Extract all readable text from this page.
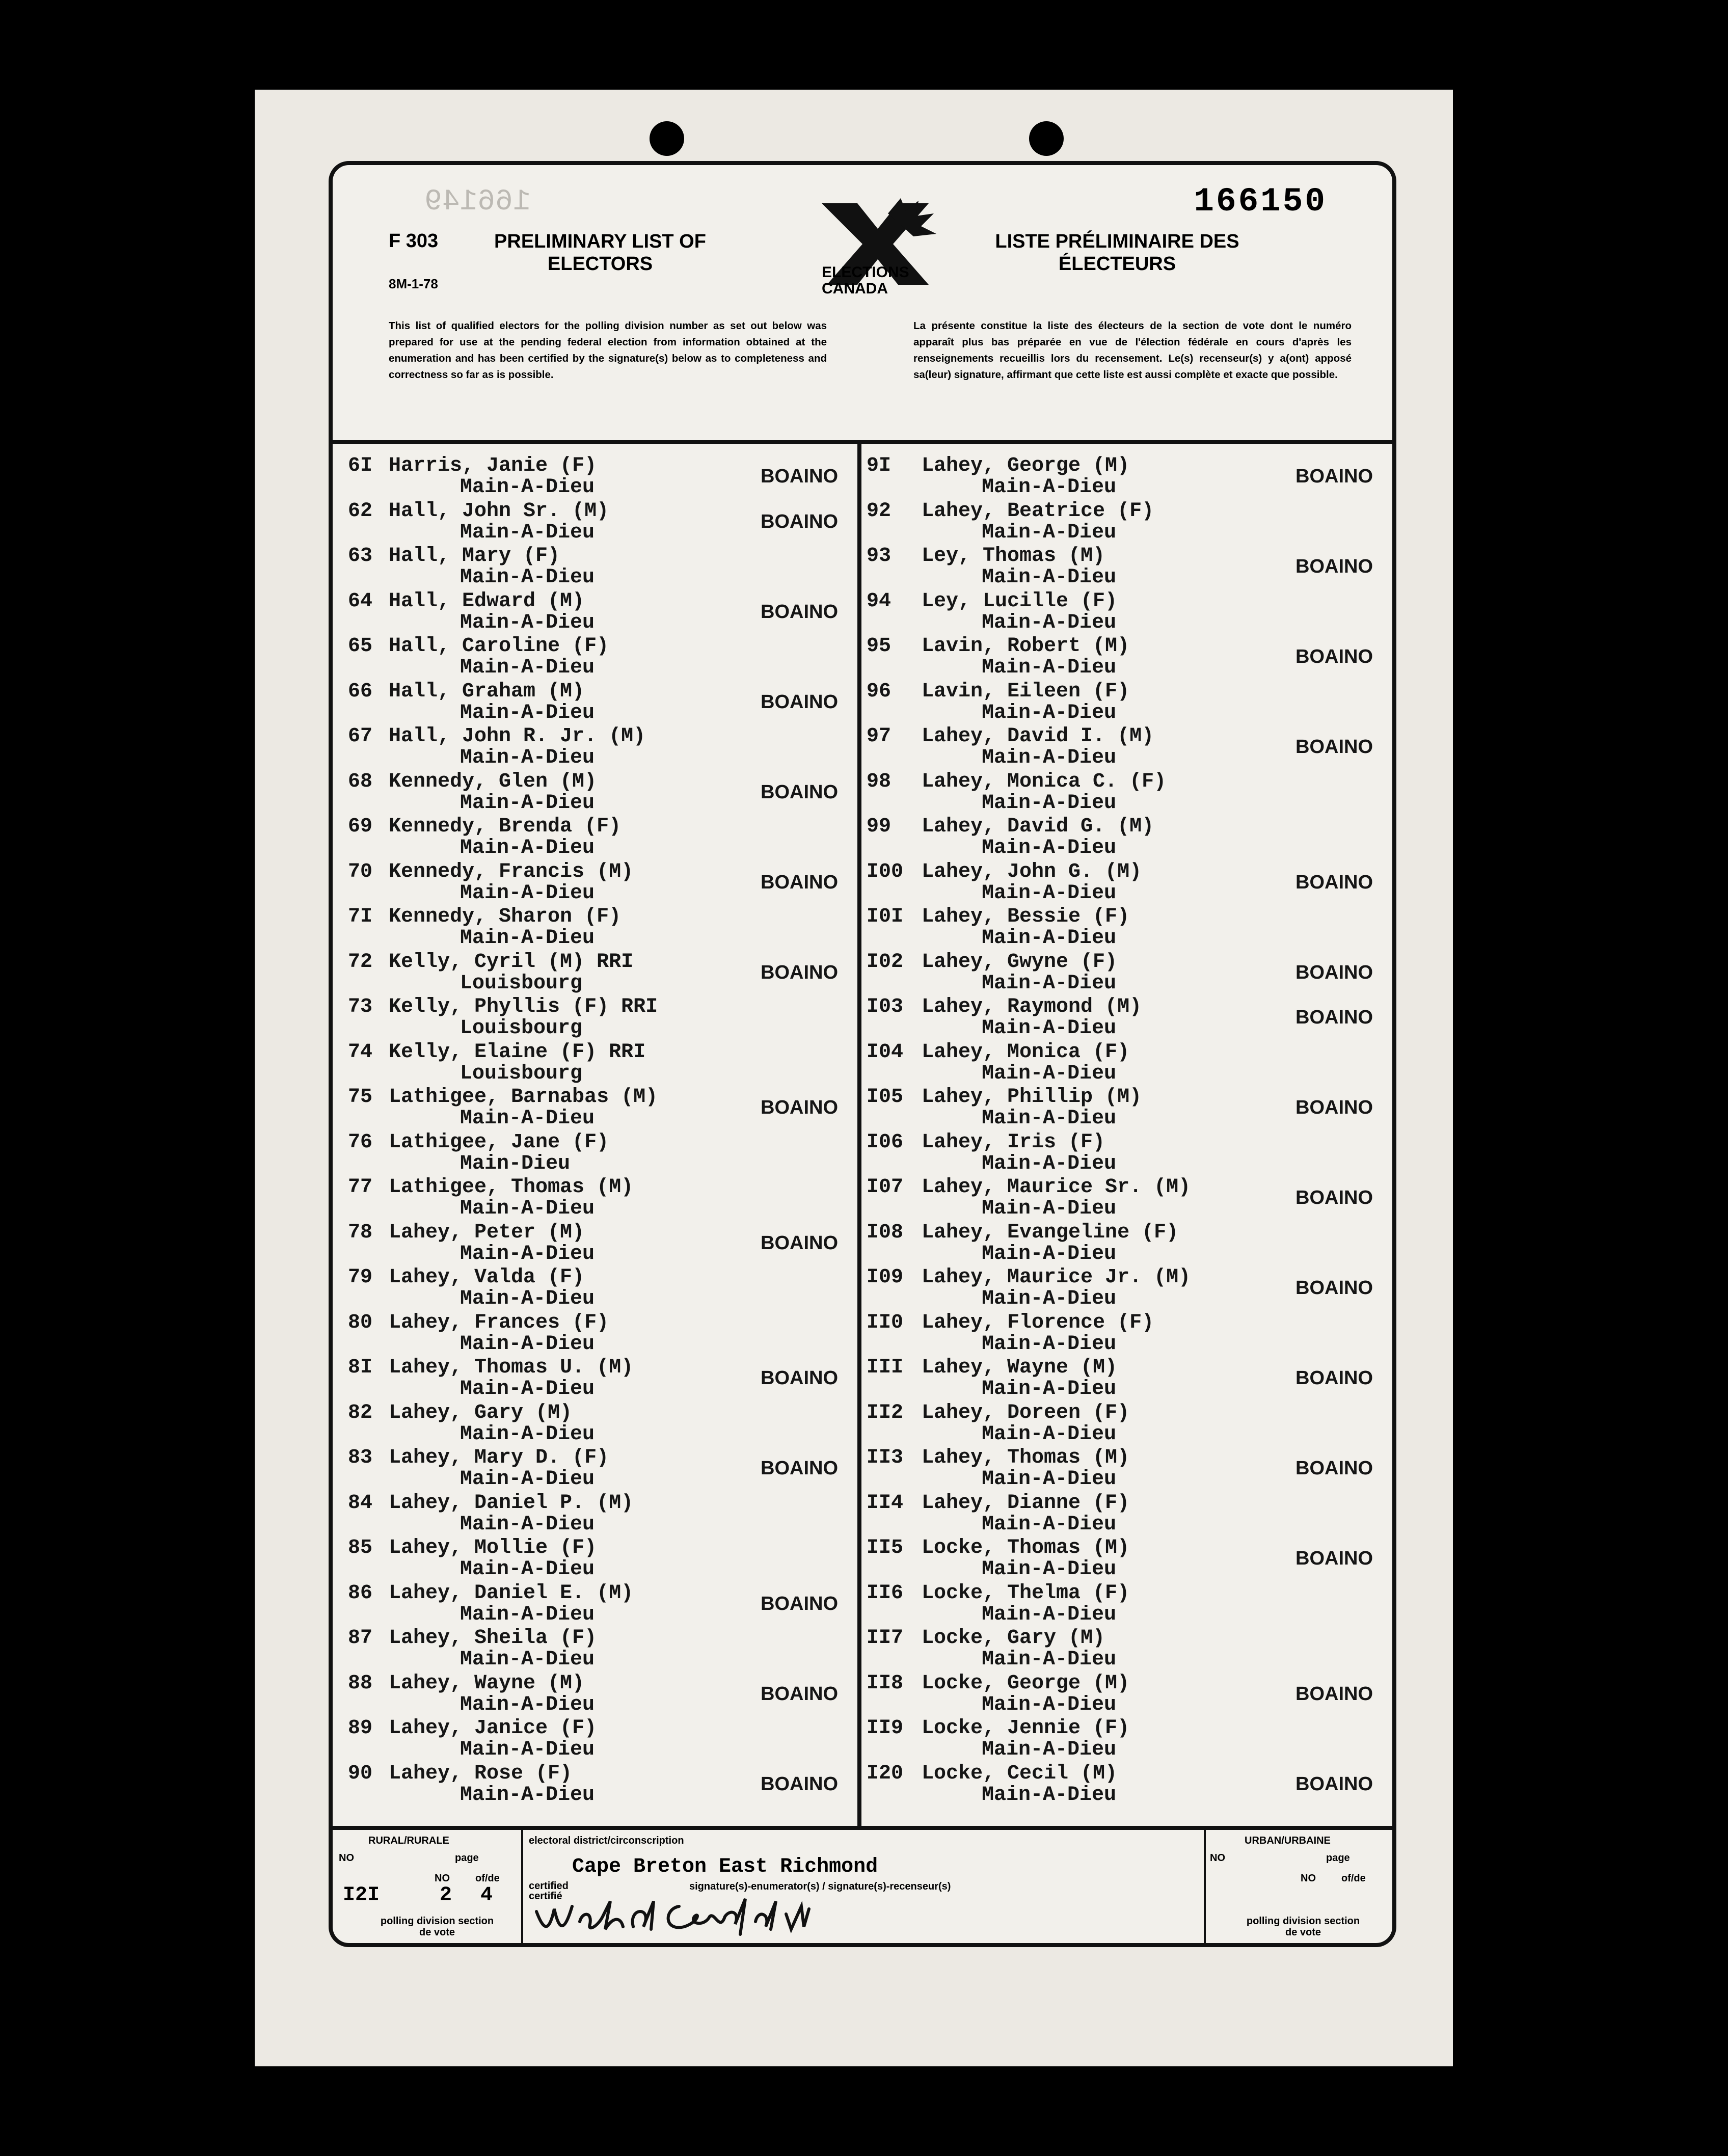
166149
F 303
8M-1-78
PRELIMINARY LIST OF ELECTORS	ELECTIONS CANADA
LISTE PRÉLIMINAIRE DES ÉLECTEURS
166150
This list of qualified electors for the polling division number as set out below was prepared for use at the pending federal election from information obtained at the enumeration and has been certified by the signature(s) below as to completeness and correctness so far as is possible.
La présente constitue la liste des électeurs de la section de vote dont le numéro apparaît plus bas préparée en vue de l'élection fédérale en cours d'après les renseignements recueillis lors du recensement. Le(s) recenseur(s) y a(ont) apposé sa(leur) signature, affirmant que cette liste est aussi complète et exacte que possible.
6I Harris, Janie (F)
Main-A-Dieu	BOAINO
62 Hall, John Sr. (M)
Main-A-Dieu	BOAINO
63 Hall, Mary (F)
Main-A-Dieu
64 Hall, Edward (M)
Main-A-Dieu	BOAINO
65 Hall, Caroline (F)
Main-A-Dieu
66 Hall, Graham (M)
Main-A-Dieu	BOAINO
67 Hall, John R. Jr. (M)
Main-A-Dieu
68 Kennedy, Glen (M)
Main-A-Dieu	BOAINO
69 Kennedy, Brenda (F)
Main-A-Dieu
70 Kennedy, Francis (M)
Main-A-Dieu	BOAINO
7I Kennedy, Sharon (F)
Main-A-Dieu
72 Kelly, Cyril (M) RRI
Louisbourg	BOAINO
73 Kelly, Phyllis (F) RRI
Louisbourg
74 Kelly, Elaine (F) RRI
Louisbourg
75 Lathigee, Barnabas (M)
Main-A-Dieu	BOAINO
76 Lathigee, Jane (F)
Main-Dieu
77 Lathigee, Thomas (M)
Main-A-Dieu
78 Lahey, Peter (M)
Main-A-Dieu	BOAINO
79 Lahey, Valda (F)
Main-A-Dieu
80 Lahey, Frances (F)
Main-A-Dieu
8I Lahey, Thomas U. (M)
Main-A-Dieu	BOAINO
82 Lahey, Gary (M)
Main-A-Dieu
83 Lahey, Mary D. (F)
Main-A-Dieu	BOAINO
84 Lahey, Daniel P. (M)
Main-A-Dieu
85 Lahey, Mollie (F)
Main-A-Dieu
86 Lahey, Daniel E. (M)
Main-A-Dieu	BOAINO
87 Lahey, Sheila (F)
Main-A-Dieu
88 Lahey, Wayne (M)
Main-A-Dieu	BOAINO
89 Lahey, Janice (F)
Main-A-Dieu
90 Lahey, Rose (F)
Main-A-Dieu	BOAINO
9I Lahey, George (M)
Main-A-Dieu	BOAINO
92 Lahey, Beatrice (F)
Main-A-Dieu
93 Ley, Thomas (M)
Main-A-Dieu	BOAINO
94 Ley, Lucille (F)
Main-A-Dieu
95 Lavin, Robert (M)
Main-A-Dieu	BOAINO
96 Lavin, Eileen (F)
Main-A-Dieu
97 Lahey, David I. (M)
Main-A-Dieu	BOAINO
98 Lahey, Monica C. (F)
Main-A-Dieu
99 Lahey, David G. (M)
Main-A-Dieu
I00 Lahey, John G. (M)
Main-A-Dieu	BOAINO
I0I Lahey, Bessie (F)
Main-A-Dieu
I02 Lahey, Gwyne (F)
Main-A-Dieu	BOAINO
I03 Lahey, Raymond (M)
Main-A-Dieu	BOAINO
I04 Lahey, Monica (F)
Main-A-Dieu
I05 Lahey, Phillip (M)
Main-A-Dieu	BOAINO
I06 Lahey, Iris (F)
Main-A-Dieu
I07 Lahey, Maurice Sr. (M)
Main-A-Dieu	BOAINO
I08 Lahey, Evangeline (F)
Main-A-Dieu
I09 Lahey, Maurice Jr. (M)
Main-A-Dieu	BOAINO
II0 Lahey, Florence (F)
Main-A-Dieu
III Lahey, Wayne (M)
Main-A-Dieu	BOAINO
II2 Lahey, Doreen (F)
Main-A-Dieu
II3 Lahey, Thomas (M)
Main-A-Dieu	BOAINO
II4 Lahey, Dianne (F)
Main-A-Dieu
II5 Locke, Thomas (M)
Main-A-Dieu	BOAINO
II6 Locke, Thelma (F)
Main-A-Dieu
II7 Locke, Gary (M)
Main-A-Dieu
II8 Locke, George (M)
Main-A-Dieu	BOAINO
II9 Locke, Jennie (F)
Main-A-Dieu
I20 Locke, Cecil (M)
Main-A-Dieu	BOAINO
RURAL/RURALE
NO	page
NO	of/de
I2I	2 4
polling division section de vote
electoral district/circonscription
Cape Breton East Richmond
certified certifié
signature(s)-enumerator(s) / signature(s)-recenseur(s)
URBAN/URBAINE
NO	page
NO	of/de
polling division section de vote
